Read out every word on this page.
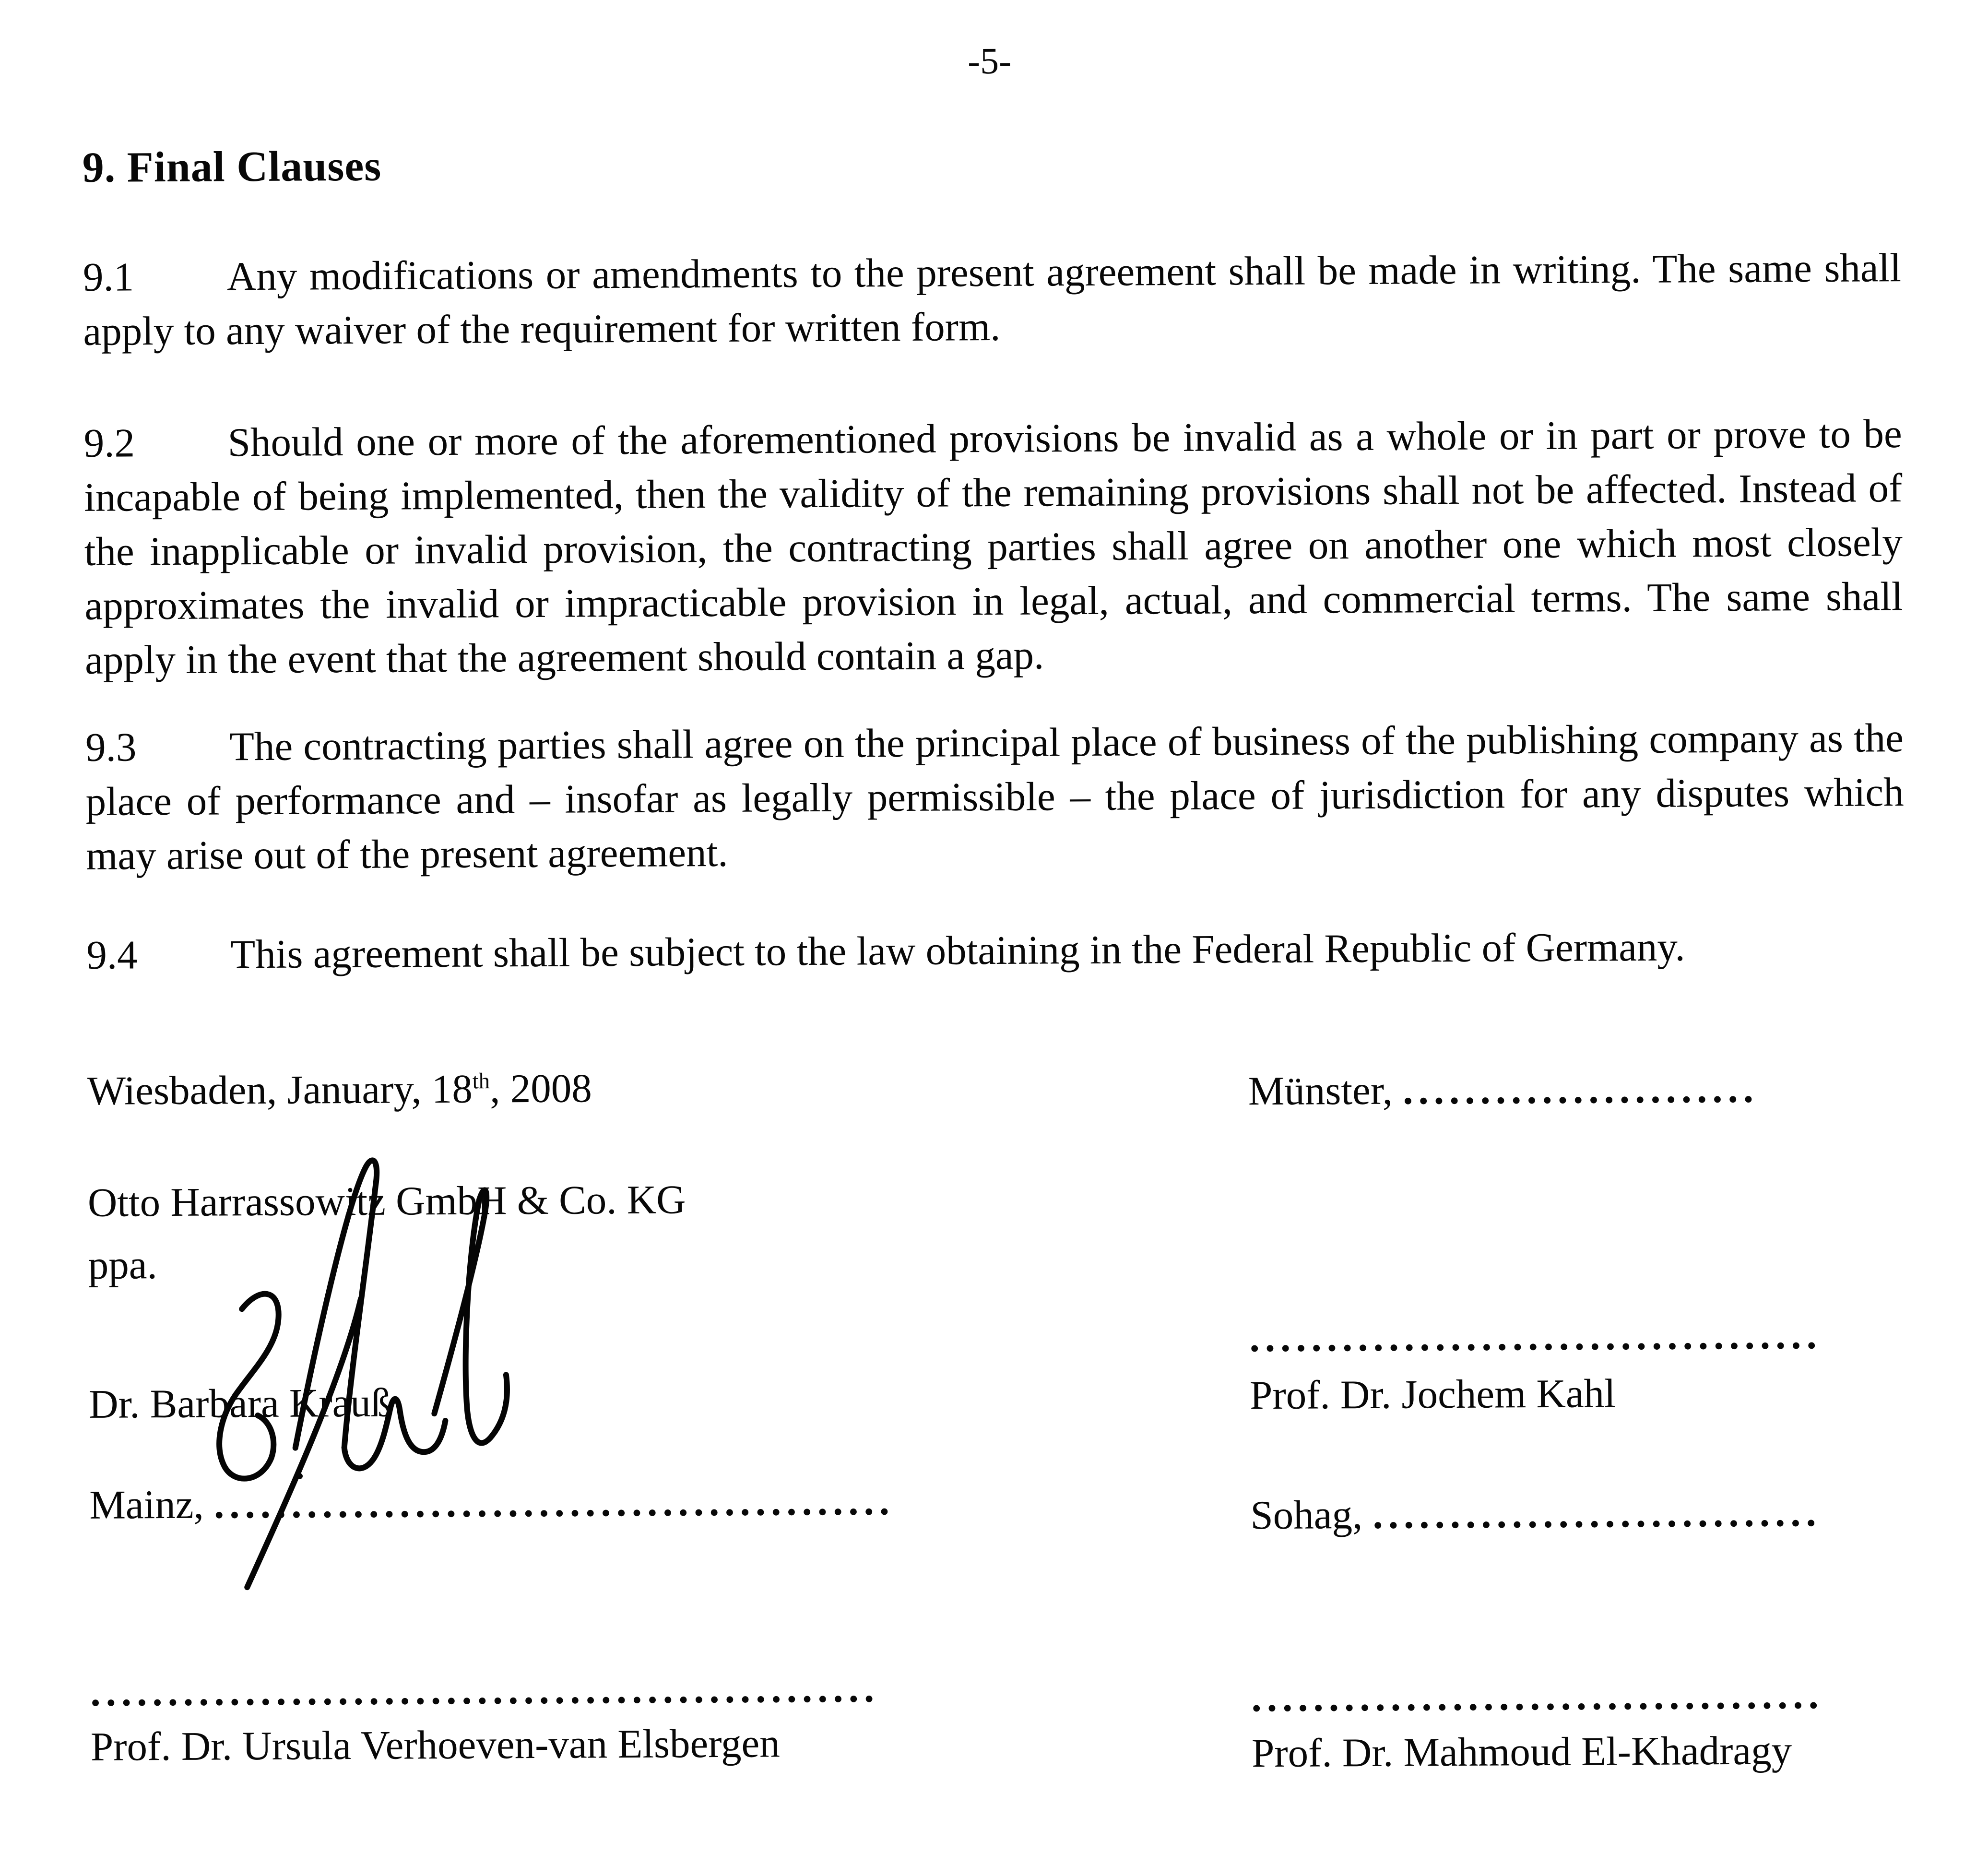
-5-
9. Final Clauses
9.1 Any modifications or amendments to the present agreement shall be made in writing. The same shall apply to any waiver of the requirement for written form.
9.2 Should one or more of the aforementioned provisions be invalid as a whole or in part or prove to be incapable of being implemented, then the validity of the remaining provisions shall not be affected. Instead of the inapplicable or invalid provision, the contracting parties shall agree on another one which most closely approximates the invalid or impracticable provision in legal, actual, and commercial terms. The same shall apply in the event that the agreement should contain a gap.
9.3 The contracting parties shall agree on the principal place of business of the publishing company as the place of performance and – insofar as legally permissible – the place of jurisdiction for any disputes which may arise out of the present agreement.
9.4 This agreement shall be subject to the law obtaining in the Federal Republic of Germany.
Wiesbaden, January, 18th, 2008
Otto Harrassowitz GmbH & Co. KG
ppa.
Dr. Barbara Krauß
Mainz, ............................................
...................................................
Prof. Dr. Ursula Verhoeven-van Elsbergen
Münster, .......................
.....................................
Prof. Dr. Jochem Kahl
Sohag, .............................
.....................................
Prof. Dr. Mahmoud El-Khadragy
